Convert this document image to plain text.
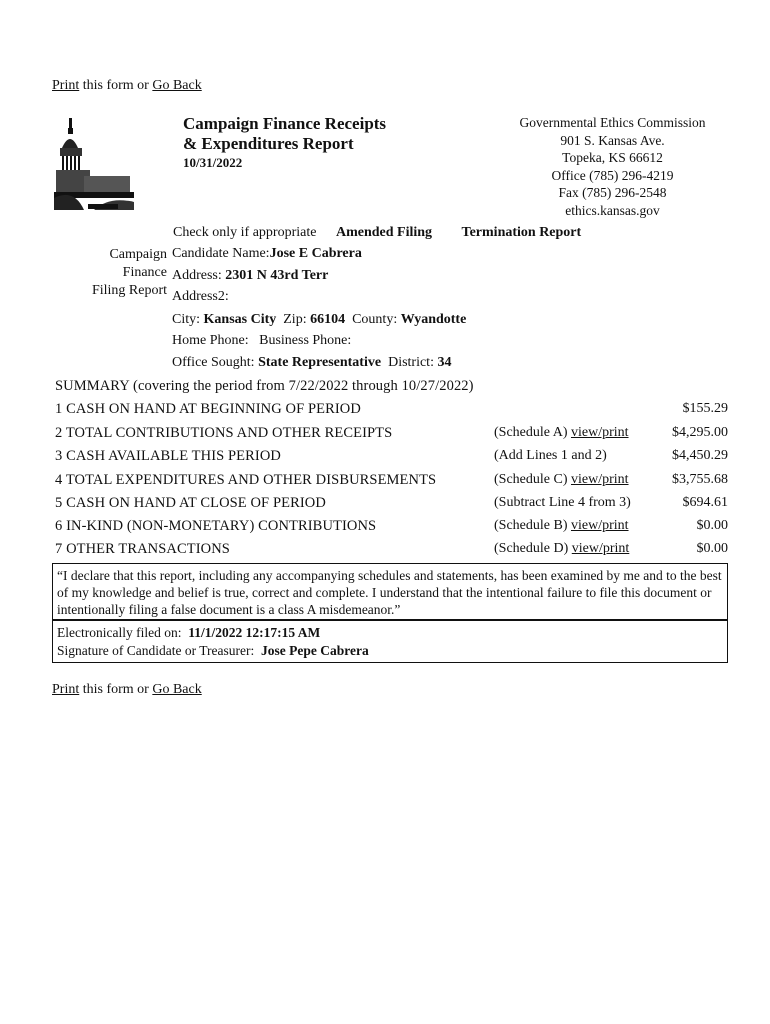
Print this form or Go Back
Campaign Finance Receipts
& Expenditures Report
10/31/2022
Governmental Ethics Commission
901 S. Kansas Ave.
Topeka, KS 66612
Office (785) 296-4219
Fax (785) 296-2548
ethics.kansas.gov
Check only if appropriate Amended Filing Termination Report
Campaign
Finance
Filing Report
Candidate Name:Jose E Cabrera
Address: 2301 N 43rd Terr
Address2:
City: Kansas City Zip: 66104 County: Wyandotte
Home Phone: Business Phone:
Office Sought: State Representative District: 34
SUMMARY (covering the period from 7/22/2022 through 10/27/2022)
1 CASH ON HAND AT BEGINNING OF PERIOD	$155.29
2 TOTAL CONTRIBUTIONS AND OTHER RECEIPTS	(Schedule A) view/print	$4,295.00
3 CASH AVAILABLE THIS PERIOD	(Add Lines 1 and 2)	$4,450.29
4 TOTAL EXPENDITURES AND OTHER DISBURSEMENTS	(Schedule C) view/print	$3,755.68
5 CASH ON HAND AT CLOSE OF PERIOD	(Subtract Line 4 from 3)	$694.61
6 IN-KIND (NON-MONETARY) CONTRIBUTIONS	(Schedule B) view/print	$0.00
7 OTHER TRANSACTIONS	(Schedule D) view/print	$0.00
“I declare that this report, including any accompanying schedules and statements, has been examined by me and to the best of my knowledge and belief is true, correct and complete. I understand that the intentional failure to file this document or intentionally filing a false document is a class A misdemeanor.”
Electronically filed on: 11/1/2022 12:17:15 AM
Signature of Candidate or Treasurer: Jose Pepe Cabrera
Print this form or Go Back
